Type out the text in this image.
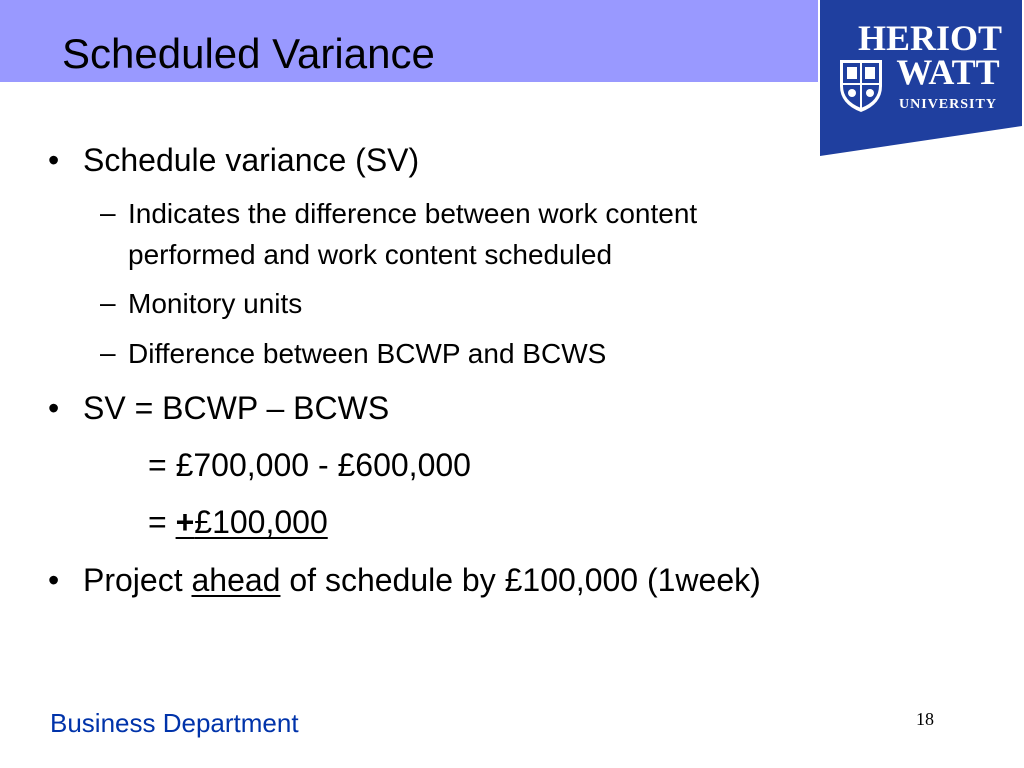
Scheduled Variance	HERIOT
WATT
UNIVERSITY
• Schedule variance (SV)
– Indicates the difference between work content
performed and work content scheduled
– Monitory units
– Difference between BCWP and BCWS
• SV = BCWP – BCWS
= £700,000 - £600,000
= +£100,000
• Project ahead of schedule by £100,000 (1week)
Business Department	18
